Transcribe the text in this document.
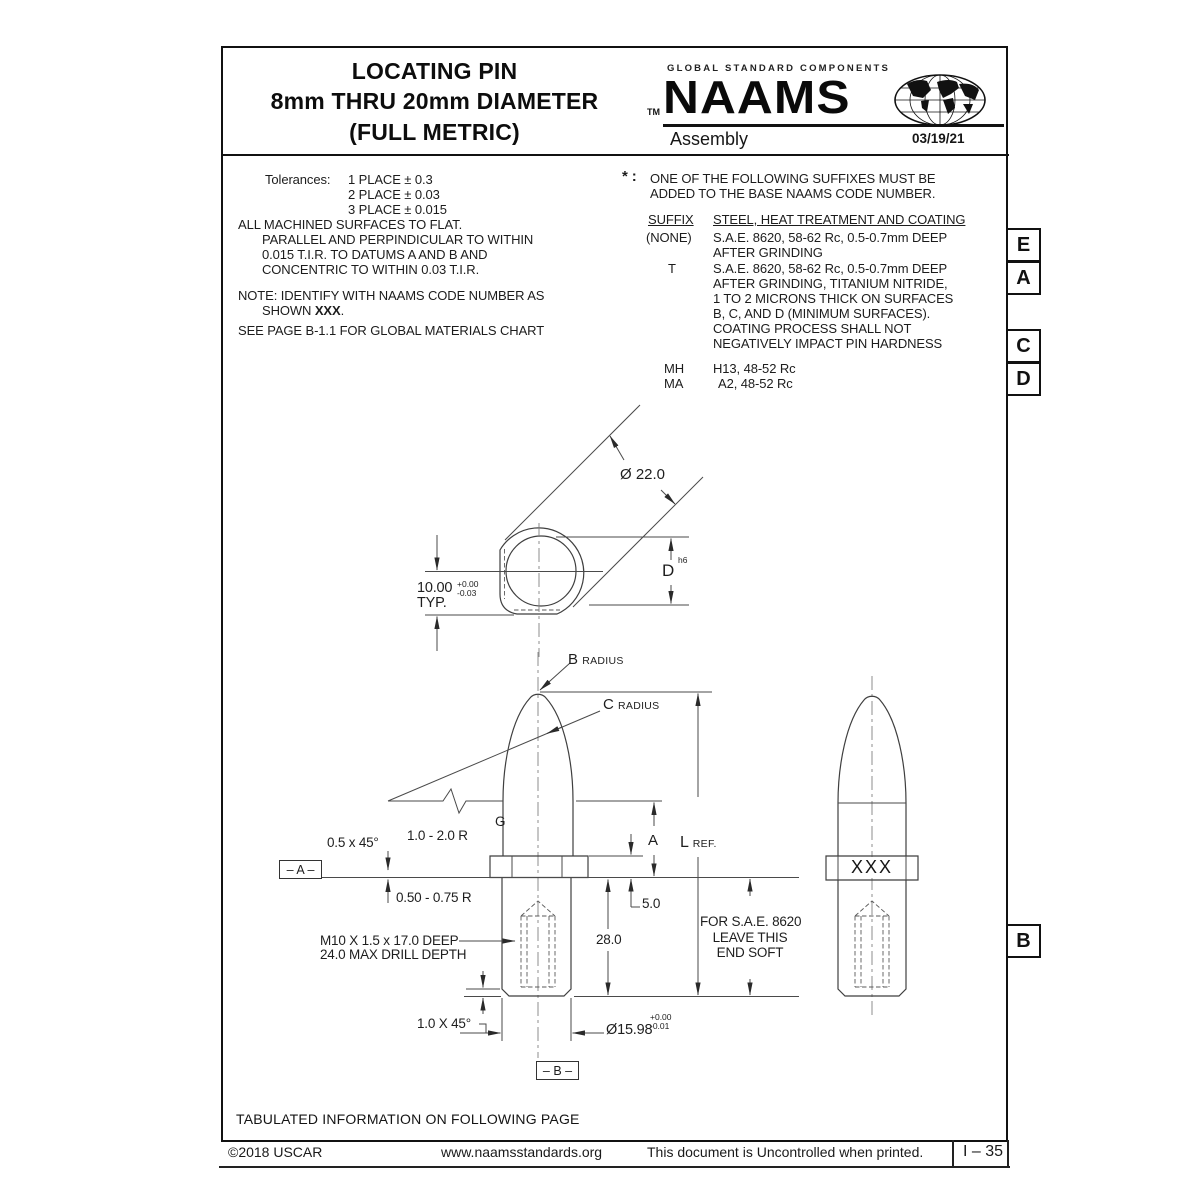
LOCATING PIN
8mm THRU 20mm DIAMETER
(FULL METRIC)
GLOBAL STANDARD COMPONENTS
TM NAAMS
Assembly	03/19/21
Tolerances: 1 PLACE ± 0.3
2 PLACE ± 0.03
3 PLACE ± 0.015
ALL MACHINED SURFACES TO FLAT.
PARALLEL AND PERPINDICULAR TO WITHIN
0.015 T.I.R. TO DATUMS A AND B AND
CONCENTRIC TO WITHIN 0.03 T.I.R.
NOTE: IDENTIFY WITH NAAMS CODE NUMBER AS
SHOWN XXX.
SEE PAGE B-1.1 FOR GLOBAL MATERIALS CHART
* : ONE OF THE FOLLOWING SUFFIXES MUST BE
ADDED TO THE BASE NAAMS CODE NUMBER.
SUFFIX STEEL, HEAT TREATMENT AND COATING
(NONE) S.A.E. 8620, 58-62 Rc, 0.5-0.7mm DEEP
AFTER GRINDING
T	S.A.E. 8620, 58-62 Rc, 0.5-0.7mm DEEP
AFTER GRINDING, TITANIUM NITRIDE,
1 TO 2 MICRONS THICK ON SURFACES
B, C, AND D (MINIMUM SURFACES).
COATING PROCESS SHALL NOT
NEGATIVELY IMPACT PIN HARDNESS
MH H13, 48-52 Rc
MA	A2, 48-52 Rc
E
A
C
D
B
Ø 22.0
10.00 +0.00
-0.03
TYP.
D
h6
B RADIUS
C RADIUS
0.5 x 45° 1.0 - 2.0 R
G
A L REF.
0.50 - 0.75 R
M10 X 1.5 x 17.0 DEEP
24.0 MAX DRILL DEPTH
5.0
28.0
FOR S.A.E. 8620
LEAVE THIS
END SOFT
1.0 X 45°	Ø15.98
+0.00
-0.01
XXX
– A –
– B –
TABULATED INFORMATION ON FOLLOWING PAGE
©2018 USCAR	www.naamsstandards.org	This document is Uncontrolled when printed. I – 35
